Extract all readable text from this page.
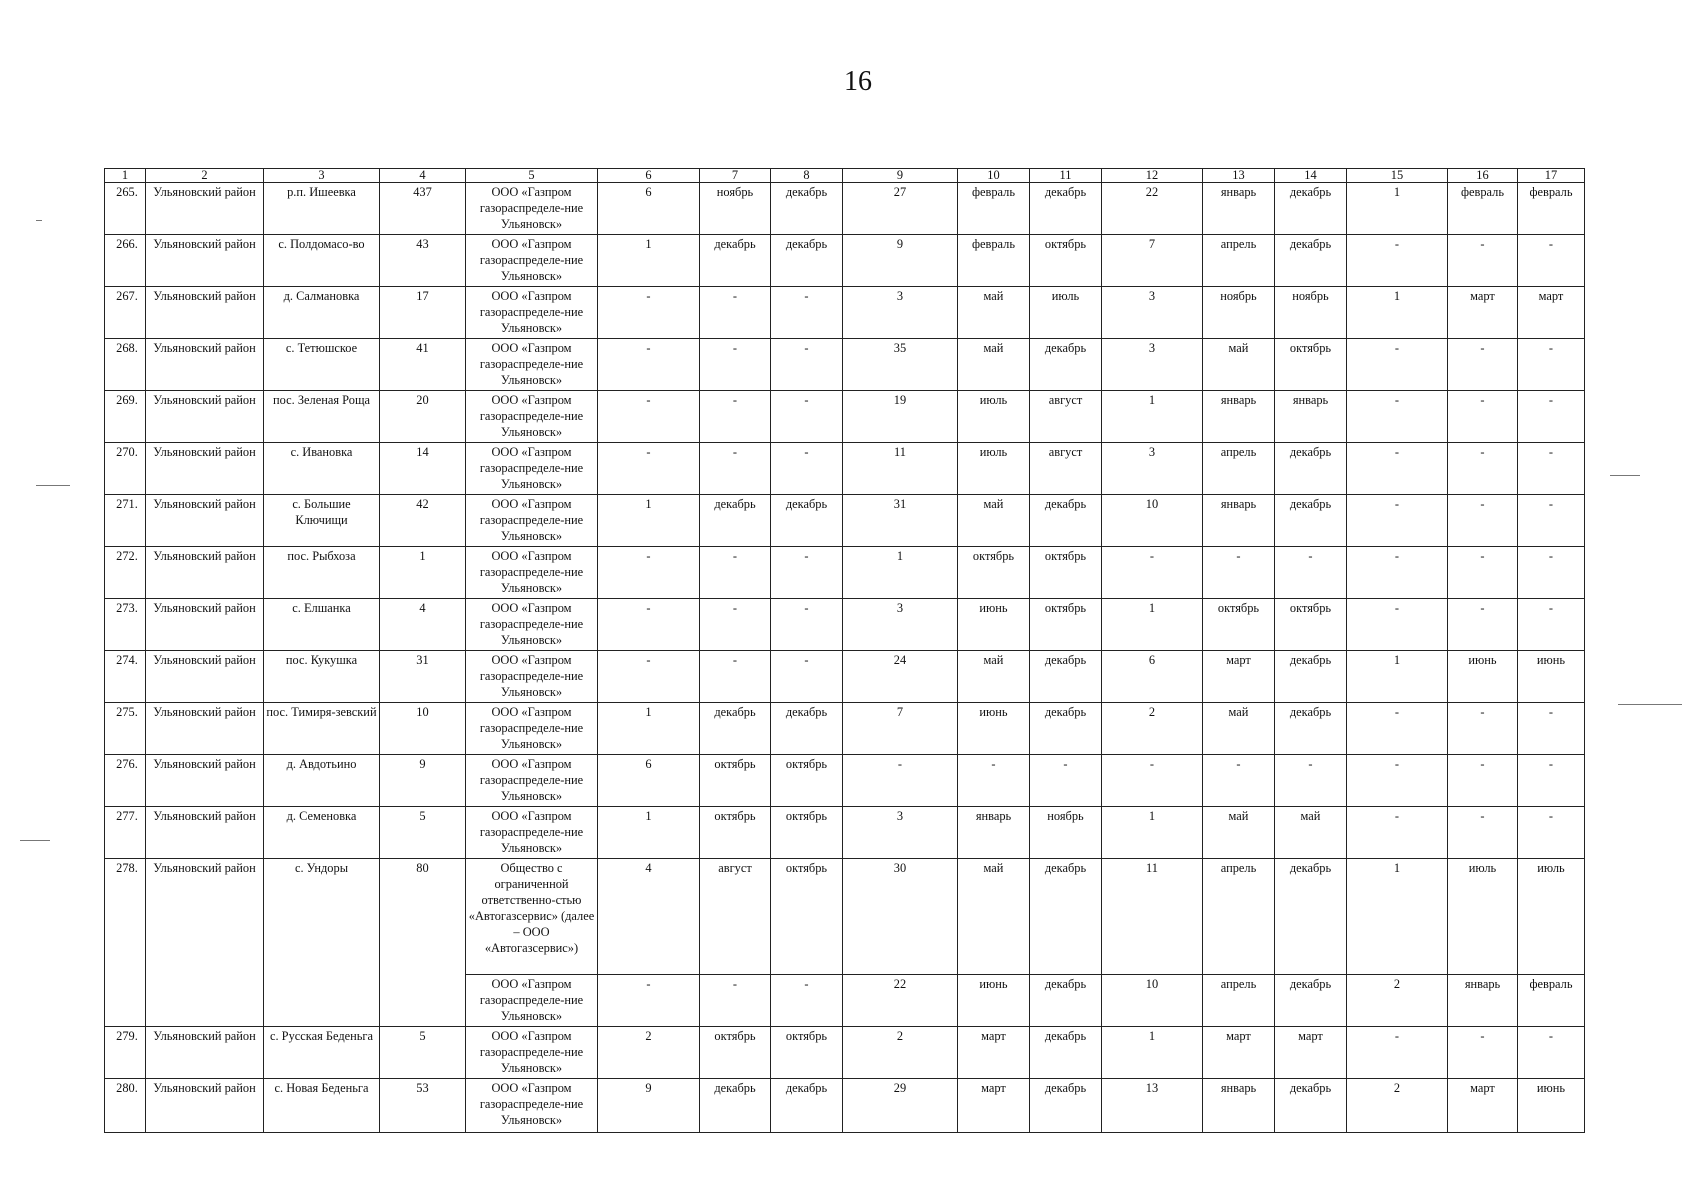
16
1	2	3	4	5	6	7	8	9	10	11	12	13	14	15	16	17
265.	Ульяновский район	р.п. Ишеевка	437	ООО «Газпром газораспределе-ние Ульяновск»	6	ноябрь	декабрь	27	февраль	декабрь	22	январь	декабрь	1	февраль	февраль
266.	Ульяновский район	с. Полдомасо-во	43	ООО «Газпром газораспределе-ние Ульяновск»	1	декабрь	декабрь	9	февраль	октябрь	7	апрель	декабрь	-	-	-
267.	Ульяновский район	д. Салмановка	17	ООО «Газпром газораспределе-ние Ульяновск»	-	-	-	3	май	июль	3	ноябрь	ноябрь	1	март	март
268.	Ульяновский район	с. Тетюшское	41	ООО «Газпром газораспределе-ние Ульяновск»	-	-	-	35	май	декабрь	3	май	октябрь	-	-	-
269.	Ульяновский район	пос. Зеленая Роща	20	ООО «Газпром газораспределе-ние Ульяновск»	-	-	-	19	июль	август	1	январь	январь	-	-	-
270.	Ульяновский район	с. Ивановка	14	ООО «Газпром газораспределе-ние Ульяновск»	-	-	-	11	июль	август	3	апрель	декабрь	-	-	-
271.	Ульяновский район	с. Большие Ключищи	42	ООО «Газпром газораспределе-ние Ульяновск»	1	декабрь	декабрь	31	май	декабрь	10	январь	декабрь	-	-	-
272.	Ульяновский район	пос. Рыбхоза	1	ООО «Газпром газораспределе-ние Ульяновск»	-	-	-	1	октябрь	октябрь	-	-	-	-	-	-
273.	Ульяновский район	с. Елшанка	4	ООО «Газпром газораспределе-ние Ульяновск»	-	-	-	3	июнь	октябрь	1	октябрь	октябрь	-	-	-
274.	Ульяновский район	пос. Кукушка	31	ООО «Газпром газораспределе-ние Ульяновск»	-	-	-	24	май	декабрь	6	март	декабрь	1	июнь	июнь
275.	Ульяновский район	пос. Тимиря-зевский	10	ООО «Газпром газораспределе-ние Ульяновск»	1	декабрь	декабрь	7	июнь	декабрь	2	май	декабрь	-	-	-
276.	Ульяновский район	д. Авдотьино	9	ООО «Газпром газораспределе-ние Ульяновск»	6	октябрь	октябрь	-	-	-	-	-	-	-	-	-
277.	Ульяновский район	д. Семеновка	5	ООО «Газпром газораспределе-ние Ульяновск»	1	октябрь	октябрь	3	январь	ноябрь	1	май	май	-	-	-
278.	Ульяновский район	с. Ундоры	80	Общество с ограниченной ответственно-стью «Автогазсервис» (далее – ООО «Автогазсервис»)	4	август	октябрь	30	май	декабрь	11	апрель	декабрь	1	июль	июль
				ООО «Газпром газораспределе-ние Ульяновск»	-	-	-	22	июнь	декабрь	10	апрель	декабрь	2	январь	февраль
279.	Ульяновский район	с. Русская Беденьга	5	ООО «Газпром газораспределе-ние Ульяновск»	2	октябрь	октябрь	2	март	декабрь	1	март	март	-	-	-
280.	Ульяновский район	с. Новая Беденьга	53	ООО «Газпром газораспределе-ние Ульяновск»	9	декабрь	декабрь	29	март	декабрь	13	январь	декабрь	2	март	июнь
